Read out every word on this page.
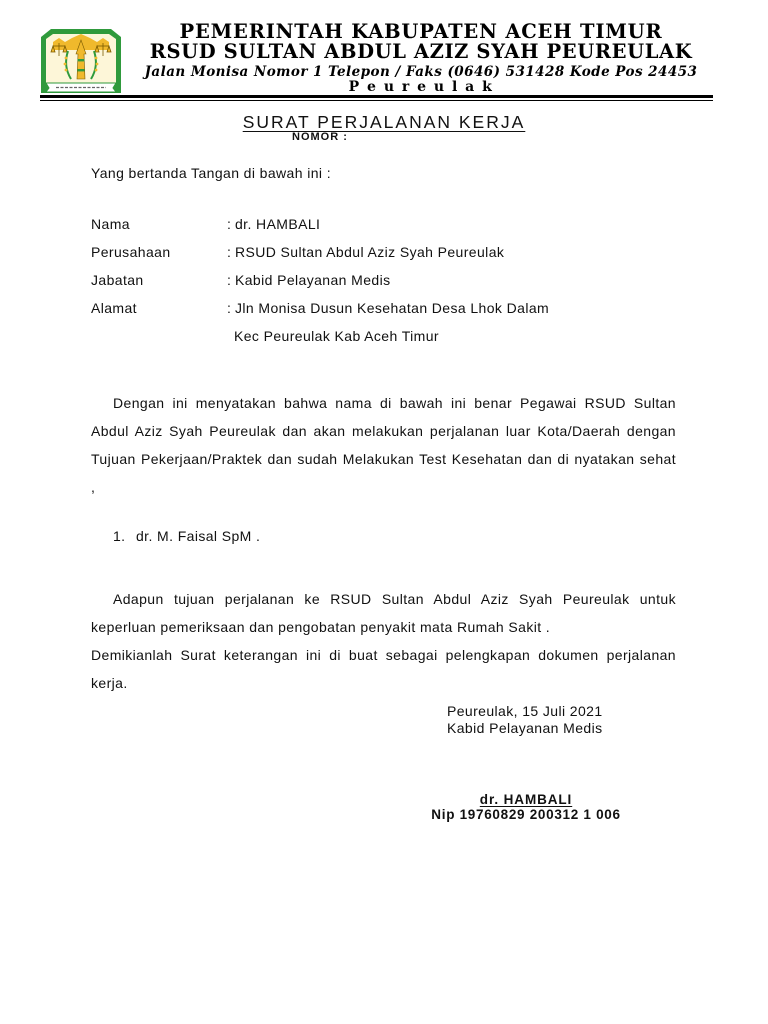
PEMERINTAH KABUPATEN ACEH TIMUR
RSUD SULTAN ABDUL AZIZ SYAH PEUREULAK
Jalan Monisa Nomor 1 Telepon / Faks (0646) 531428 Kode Pos 24453
P e u r e u l a k
SURAT PERJALANAN KERJA
NOMOR :
Yang bertanda Tangan di bawah ini :
Nama	: dr. HAMBALI
Perusahaan	: RSUD Sultan Abdul Aziz Syah Peureulak
Jabatan	: Kabid Pelayanan Medis
Alamat	: Jln Monisa Dusun Kesehatan Desa Lhok Dalam
Kec Peureulak Kab Aceh Timur
Dengan ini menyatakan bahwa nama di bawah ini benar Pegawai RSUD Sultan
Abdul Aziz Syah Peureulak dan akan melakukan perjalanan luar Kota/Daerah dengan
Tujuan Pekerjaan/Praktek dan sudah Melakukan Test Kesehatan dan di nyatakan sehat
,
1. dr. M. Faisal SpM .
Adapun tujuan perjalanan ke RSUD Sultan Abdul Aziz Syah Peureulak untuk
keperluan pemeriksaan dan pengobatan penyakit mata Rumah Sakit .
Demikianlah Surat keterangan ini di buat sebagai pelengkapan dokumen perjalanan
kerja.
Peureulak, 15 Juli 2021
Kabid Pelayanan Medis
dr. HAMBALI
Nip 19760829 200312 1 006
